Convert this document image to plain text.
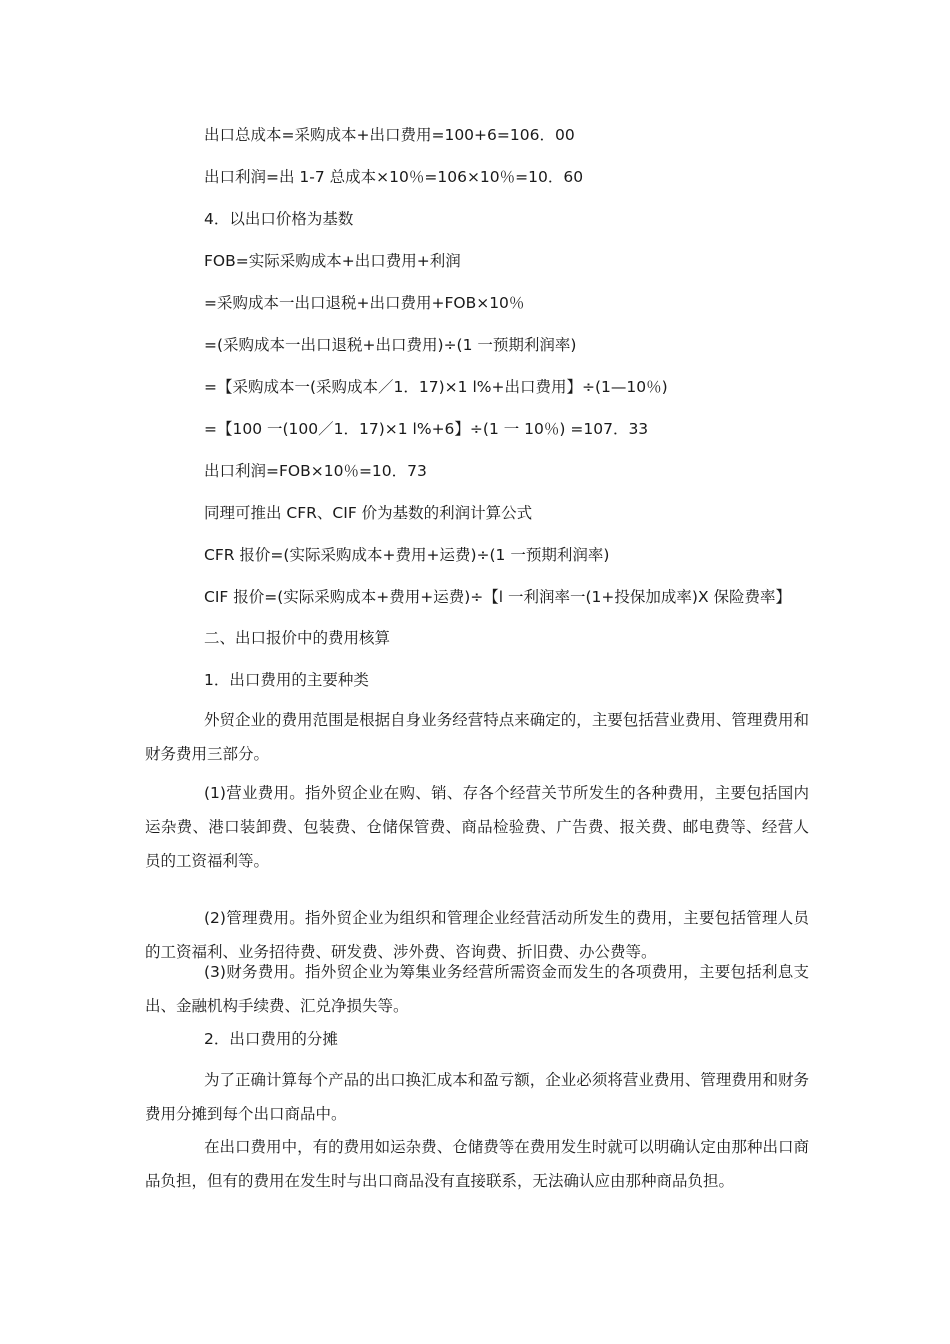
出口总成本=采购成本+出口费用=100+6=106．00
出口利润=出 1-7 总成本×10％=106×10％=10．60
4．以出口价格为基数
FOB=实际采购成本+出口费用+利润
=采购成本一出口退税+出口费用+FOB×10％
=(采购成本一出口退税+出口费用)÷(1 一预期利润率)
=【采购成本一(采购成本／1．17)×1 l%+出口费用】÷(1—10％)
=【100 一(100／1．17)×1 l%+6】÷(1 一 10％) =107．33
出口利润=FOB×10％=10．73
同理可推出 CFR、CIF 价为基数的利润计算公式
CFR 报价=(实际采购成本+费用+运费)÷(1 一预期利润率)
CIF 报价=(实际采购成本+费用+运费)÷【l 一利润率一(1+投保加成率)X 保险费率】
二、出口报价中的费用核算
1．出口费用的主要种类
外贸企业的费用范围是根据自身业务经营特点来确定的，主要包括营业费用、管理费用和财务费用三部分。
(1)营业费用。指外贸企业在购、销、存各个经营关节所发生的各种费用，主要包括国内运杂费、港口装卸费、包装费、仓储保管费、商品检验费、广告费、报关费、邮电费等、经营人员的工资福利等。
(2)管理费用。指外贸企业为组织和管理企业经营活动所发生的费用，主要包括管理人员的工资福利、业务招待费、研发费、涉外费、咨询费、折旧费、办公费等。
(3)财务费用。指外贸企业为筹集业务经营所需资金而发生的各项费用，主要包括利息支出、金融机构手续费、汇兑净损失等。
2．出口费用的分摊
为了正确计算每个产品的出口换汇成本和盈亏额，企业必须将营业费用、管理费用和财务费用分摊到每个出口商品中。
在出口费用中，有的费用如运杂费、仓储费等在费用发生时就可以明确认定由那种出口商品负担，但有的费用在发生时与出口商品没有直接联系，无法确认应由那种商品负担。
